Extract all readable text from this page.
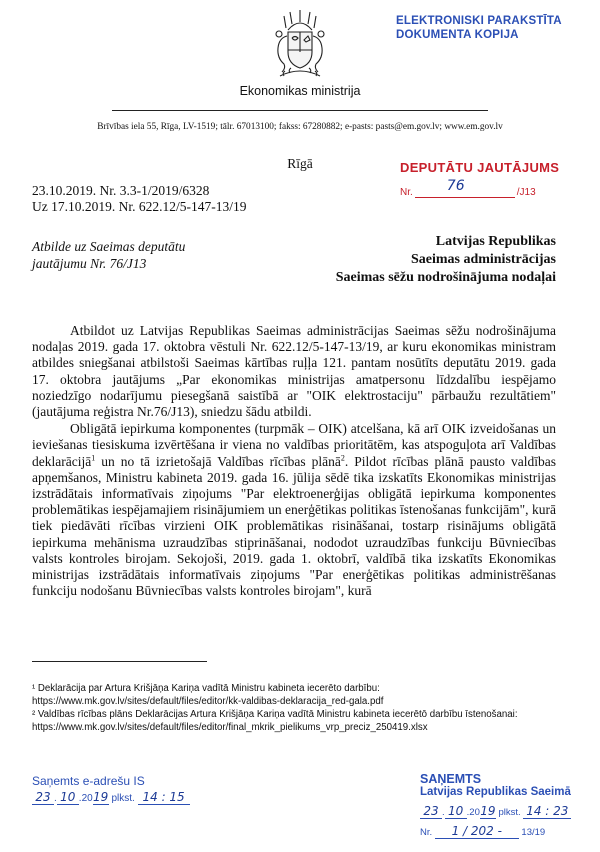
Ekonomikas ministrija
Brīvības iela 55, Rīga, LV-1519; tālr. 67013100; fakss: 67280882; e-pasts: pasts@em.gov.lv; www.em.gov.lv
ELEKTRONISKI PARAKSTĪTA
DOKUMENTA KOPIJA
Rīgā	DEPUTĀTU JAUTĀJUMS
Nr. 76	/J13
23.10.2019. Nr. 3.3-1/2019/6328
Uz 17.10.2019. Nr. 622.12/5-147-13/19
Atbilde uz Saeimas deputātu
jautājumu Nr. 76/J13
Latvijas Republikas
Saeimas administrācijas
Saeimas sēžu nodrošinājuma nodaļai

Atbildot uz Latvijas Republikas Saeimas administrācijas Saeimas sēžu nodrošinājuma nodaļas 2019. gada 17. oktobra vēstuli Nr. 622.12/5-147-13/19, ar kuru ekonomikas ministram atbildes sniegšanai atbilstoši Saeimas kārtības ruļļa 121. pantam nosūtīts deputātu 2019. gada 17. oktobra jautājums „Par ekonomikas ministrijas amatpersonu līdzdalību iespējamo noziedzīgo nodarījumu piesegšanā saistībā ar "OIK elektrostaciju" pārbaužu rezultātiem" (jautājuma reģistra Nr.76/J13), sniedzu šādu atbildi.

Obligātā iepirkuma komponentes (turpmāk – OIK) atcelšana, kā arī OIK izveidošanas un ieviešanas tiesiskuma izvērtēšana ir viena no valdības prioritātēm, kas atspoguļota arī Valdības deklarācijā$^1$ un no tā izrietošajā Valdības rīcības plānā$^2$. Pildot rīcības plānā pausto valdības apņemšanos, Ministru kabineta 2019. gada 16. jūlija sēdē tika izskatīts Ekonomikas ministrijas izstrādātais informatīvais ziņojums "Par elektroenerģijas obligātā iepirkuma komponentes problemātikas iespējamajiem risinājumiem un enerģētikas politikas īstenošanas funkcijām", kurā tiek piedāvāti rīcības virzieni OIK problemātikas risināšanai, tostarp risinājums obligātā iepirkuma mehānisma uzraudzības stiprināšanai, nododot uzraudzības funkciju Būvniecības valsts kontroles birojam. Sekojoši, 2019. gada 1. oktobrī, valdībā tika izskatīts Ekonomikas ministrijas izstrādātais informatīvais ziņojums "Par enerģētikas politikas administrēšanas funkciju nodošanu Būvniecības valsts kontroles birojam", kurā

¹ Deklarācija par Artura Krišjāņa Kariņa vadītā Ministru kabineta iecerēto darbību:
https://www.mk.gov.lv/sites/default/files/editor/kk-valdibas-deklaracija_red-gala.pdf
² Valdības rīcības plāns Deklarācijas Artura Krišjāņa Kariņa vadītā Ministru kabineta iecerētō darbību īstenošanai:
https://www.mk.gov.lv/sites/default/files/editor/final_mkrik_pielikums_vrp_preciz_250419.xlsx
Saņemts e-adrešu IS
23 . 10 .2019 plkst. 14 : 15
SAŅEMTS
Latvijas Republikas Saeimā
23 . 10 .2019 plkst. 14 : 23
Nr. 1 / 202 - 13/19
